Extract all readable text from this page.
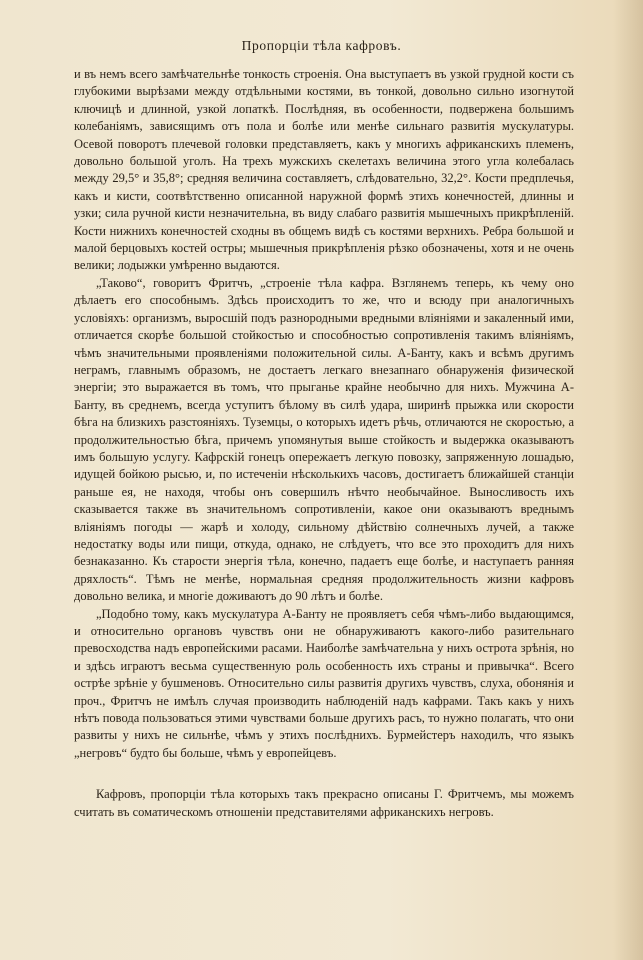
Пропорціи тѣла кафровъ.

и въ немъ всего замѣчательнѣе тонкость строенія. Она выступаетъ въ узкой грудной кости съ глубокими вырѣзами между отдѣльными костями, въ тонкой, довольно сильно изогнутой ключицѣ и длинной, узкой лопаткѣ. Послѣдняя, въ особенности, подвержена большимъ колебаніямъ, зависящимъ отъ пола и болѣе или менѣе сильнаго развитія мускулатуры. Осевой поворотъ плечевой головки представляетъ, какъ у многихъ африканскихъ племенъ, довольно большой уголъ. На трехъ мужскихъ скелетахъ величина этого угла колебалась между 29,5° и 35,8°; средняя величина составляетъ, слѣдовательно, 32,2°. Кости предплечья, какъ и кисти, соотвѣтственно описанной наружной формѣ этихъ конечностей, длинны и узки; сила ручной кисти незначительна, въ виду слабаго развитія мышечныхъ прикрѣпленій. Кости нижнихъ конечностей сходны въ общемъ видѣ съ костями верхнихъ. Ребра большой и малой берцовыхъ костей остры; мышечныя прикрѣпленія рѣзко обозначены, хотя и не очень велики; лодыжки умѣренно выдаются.

„Таково“, говоритъ Фритчъ, „строеніе тѣла кафра. Взглянемъ теперь, къ чему оно дѣлаетъ его способнымъ. Здѣсь происходитъ то же, что и всюду при аналогичныхъ условіяхъ: организмъ, выросшій подъ разнородными вредными вліяніями и закаленный ими, отличается скорѣе большой стойкостью и способностью сопротивленія такимъ вліяніямъ, чѣмъ значительными проявленіями положительной силы. А-Банту, какъ и всѣмъ другимъ неграмъ, главнымъ образомъ, не достаетъ легкаго внезапнаго обнаруженія физической энергіи; это выражается въ томъ, что прыганье крайне необычно для нихъ. Мужчина А-Банту, въ среднемъ, всегда уступитъ бѣлому въ силѣ удара, ширинѣ прыжка или скорости бѣга на близкихъ разстояніяхъ. Туземцы, о которыхъ идетъ рѣчь, отличаются не скоростью, а продолжительностью бѣга, причемъ упомянутыя выше стойкость и выдержка оказываютъ имъ большую услугу. Кафрскій гонецъ опережаетъ легкую повозку, запряженную лошадью, идущей бойкою рысью, и, по истеченіи нѣсколькихъ часовъ, достигаетъ ближайшей станціи раньше ея, не находя, чтобы онъ совершилъ нѣчто необычайное. Выносливость ихъ сказывается также въ значительномъ сопротивленіи, какое они оказываютъ вреднымъ вліяніямъ погоды — жарѣ и холоду, сильному дѣйствію солнечныхъ лучей, а также недостатку воды или пищи, откуда, однако, не слѣдуетъ, что все это проходитъ для нихъ безнаказанно. Къ старости энергія тѣла, конечно, падаетъ еще болѣе, и наступаетъ ранняя дряхлость“. Тѣмъ не менѣе, нормальная средняя продолжительность жизни кафровъ довольно велика, и многіе доживаютъ до 90 лѣтъ и болѣе.

„Подобно тому, какъ мускулатура А-Банту не проявляетъ себя чѣмъ-либо выдающимся, и относительно органовъ чувствъ они не обнаруживаютъ какого-либо разительнаго превосходства надъ европейскими расами. Наиболѣе замѣчательна у нихъ острота зрѣнія, но и здѣсь играютъ весьма существенную роль особенность ихъ страны и привычка“. Всего острѣе зрѣніе у бушменовъ. Относительно силы развитія другихъ чувствъ, слуха, обонянія и проч., Фритчъ не имѣлъ случая производить наблюденій надъ кафрами. Такъ какъ у нихъ нѣтъ повода пользоваться этими чувствами больше другихъ расъ, то нужно полагать, что они развиты у нихъ не сильнѣе, чѣмъ у этихъ послѣднихъ. Бурмейстеръ находилъ, что языкъ „негровъ“ будто бы больше, чѣмъ у европейцевъ.

Кафровъ, пропорціи тѣла которыхъ такъ прекрасно описаны Г. Фритчемъ, мы можемъ считать въ соматическомъ отношеніи представителями африканскихъ негровъ.
